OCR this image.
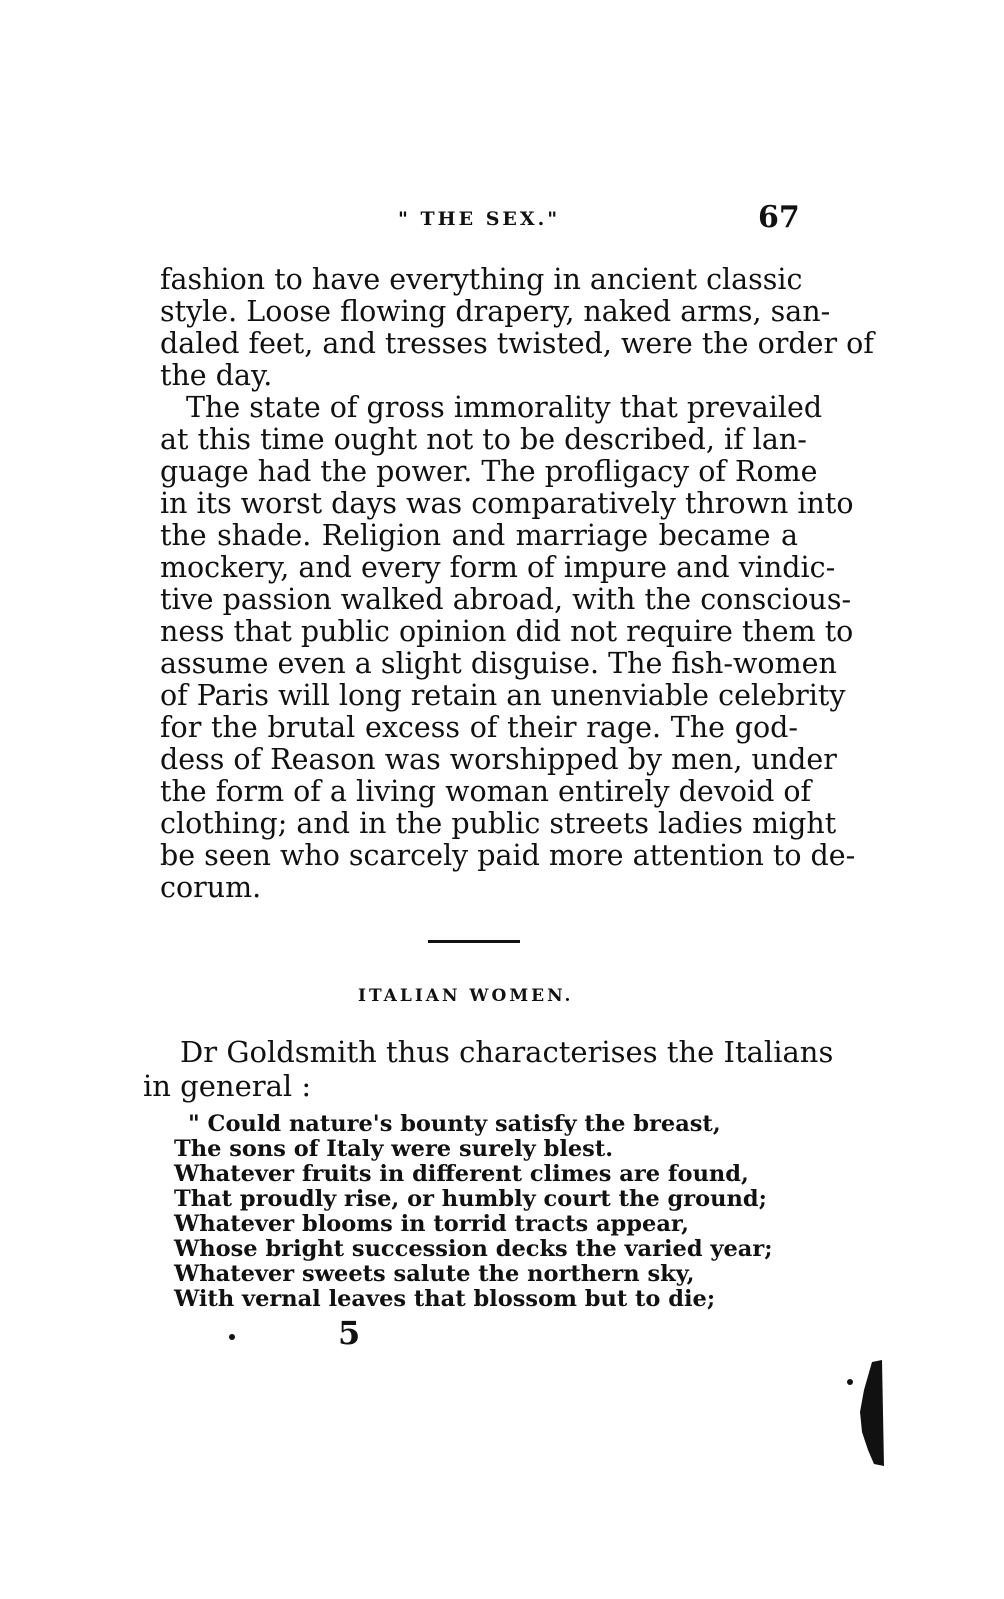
" THE SEX."	67
fashion to have everything in ancient classic
style. Loose flowing drapery, naked arms, san-
daled feet, and tresses twisted, were the order of
the day.
The state of gross immorality that prevailed
at this time ought not to be described, if lan-
guage had the power. The profligacy of Rome
in its worst days was comparatively thrown into
the shade. Religion and marriage became a
mockery, and every form of impure and vindic-
tive passion walked abroad, with the conscious-
ness that public opinion did not require them to
assume even a slight disguise. The fish-women
of Paris will long retain an unenviable celebrity
for the brutal excess of their rage. The god-
dess of Reason was worshipped by men, under
the form of a living woman entirely devoid of
clothing; and in the public streets ladies might
be seen who scarcely paid more attention to de-
corum.
ITALIAN WOMEN.
Dr Goldsmith thus characterises the Italians
in general :
" Could nature's bounty satisfy the breast,
The sons of Italy were surely blest.
Whatever fruits in different climes are found,
That proudly rise, or humbly court the ground;
Whatever blooms in torrid tracts appear,
Whose bright succession decks the varied year;
Whatever sweets salute the northern sky,
With vernal leaves that blossom but to die;
5
